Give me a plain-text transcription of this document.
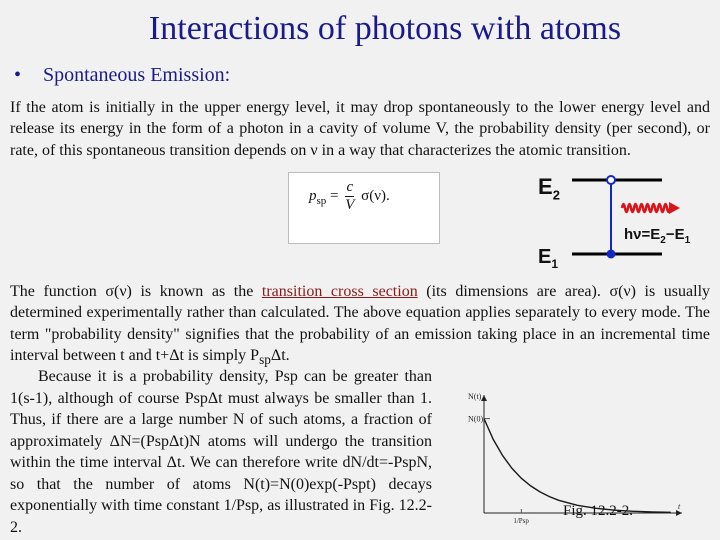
Interactions of photons with atoms
• Spontaneous Emission:

If the atom is initially in the upper energy level, it may drop spontaneously to the lower energy level and release its energy in the form of a photon in a cavity of volume V, the probability density (per second), or rate, of this spontaneous transition depends on ν in a way that characterizes the atomic transition.

$p_{sp} = \frac{c}{V} \sigma(\nu)$.	$E_2$
$E_1$
$h\nu=E_2-E_1$

The function σ(ν) is known as the transition cross section (its dimensions are area). σ(ν) is usually determined experimentally rather than calculated. The above equation applies separately to every mode. The term "probability density" signifies that the probability of an emission taking place in an incremental time interval between t and t+Δt is simply $P_{sp}\Delta t$.

Because it is a probability density, Psp can be greater than 1(s-1), although of course PspΔt must always be smaller than 1. Thus, if there are a large number N of such atoms, a fraction of approximately ΔN=(PspΔt)N atoms will undergo the transition within the time interval Δt. We can therefore write dN/dt=-PspN, so that the number of atoms N(t)=N(0)exp(-Pspt) decays exponentially with time constant 1/Psp, as illustrated in Fig. 12.2-2.

N(t)
N(0)
1/Psp
t
Fig. 12.2-2.
